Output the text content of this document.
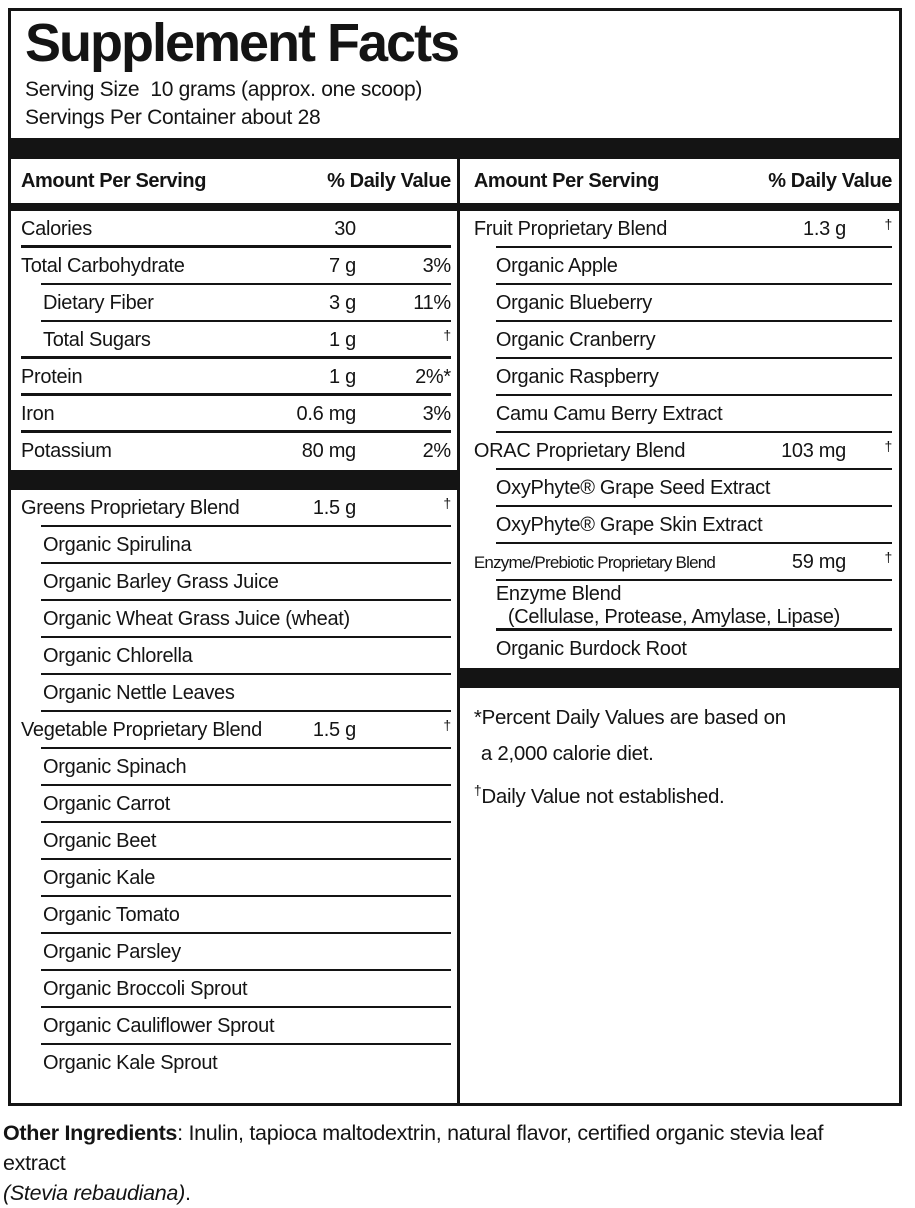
Supplement Facts
Serving Size  10 grams (approx. one scoop)
Servings Per Container about 28
Amount Per Serving	% Daily Value
Calories	30
Total Carbohydrate	7 g	3%
Dietary Fiber	3 g	11%
Total Sugars	1 g	†
Protein	1 g	2%*
Iron	0.6 mg	3%
Potassium	80 mg	2%
Greens Proprietary Blend	1.5 g	†
Organic Spirulina
Organic Barley Grass Juice
Organic Wheat Grass Juice (wheat)
Organic Chlorella
Organic Nettle Leaves
Vegetable Proprietary Blend	1.5 g	†
Organic Spinach
Organic Carrot
Organic Beet
Organic Kale
Organic Tomato
Organic Parsley
Organic Broccoli Sprout
Organic Cauliflower Sprout
Organic Kale Sprout
Amount Per Serving	% Daily Value
Fruit Proprietary Blend	1.3 g	†
Organic Apple
Organic Blueberry
Organic Cranberry
Organic Raspberry
Camu Camu Berry Extract
ORAC Proprietary Blend	103 mg	†
OxyPhyte® Grape Seed Extract
OxyPhyte® Grape Skin Extract
Enzyme/Prebiotic Proprietary Blend	59 mg	†
Enzyme Blend
(Cellulase, Protease, Amylase, Lipase)
Organic Burdock Root
*Percent Daily Values are based on
a 2,000 calorie diet.
†Daily Value not established.
Other Ingredients: Inulin, tapioca maltodextrin, natural flavor, certified organic stevia leaf extract
(Stevia rebaudiana).
